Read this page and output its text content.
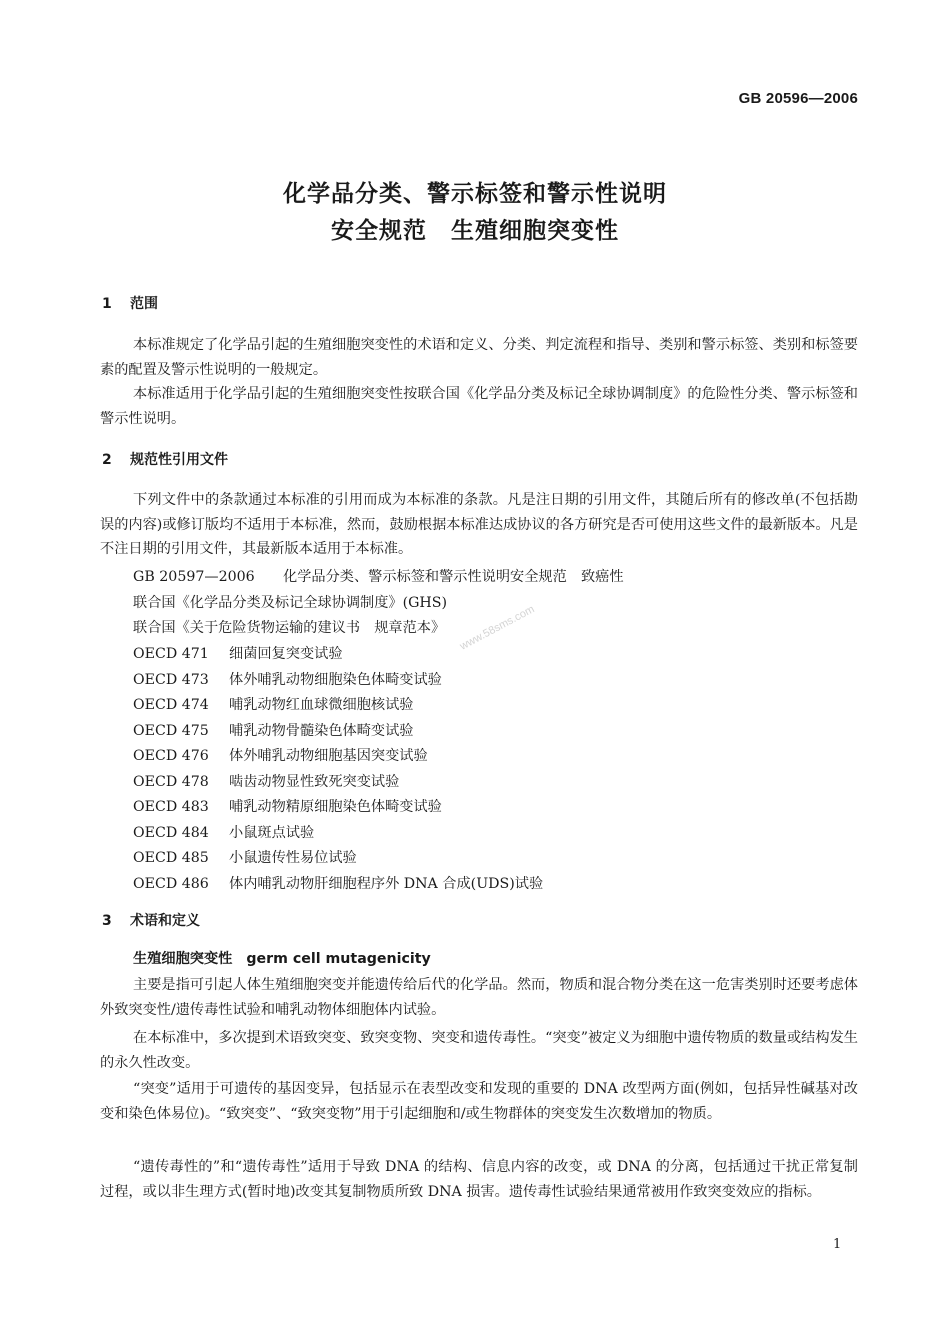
GB 20596—2006
化学品分类、警示标签和警示性说明
安全规范　生殖细胞突变性
www.58sms.com
1 范围
本标准规定了化学品引起的生殖细胞突变性的术语和定义、分类、判定流程和指导、类别和警示标签、类别和标签要素的配置及警示性说明的一般规定。
本标准适用于化学品引起的生殖细胞突变性按联合国《化学品分类及标记全球协调制度》的危险性分类、警示标签和警示性说明。
2 规范性引用文件
下列文件中的条款通过本标准的引用而成为本标准的条款。凡是注日期的引用文件，其随后所有的修改单(不包括勘误的内容)或修订版均不适用于本标准，然而，鼓励根据本标准达成协议的各方研究是否可使用这些文件的最新版本。凡是不注日期的引用文件，其最新版本适用于本标准。
GB 20597—2006 化学品分类、警示标签和警示性说明安全规范　致癌性
联合国《化学品分类及标记全球协调制度》(GHS)
联合国《关于危险货物运输的建议书　规章范本》
OECD 471 细菌回复突变试验
OECD 473 体外哺乳动物细胞染色体畸变试验
OECD 474 哺乳动物红血球微细胞核试验
OECD 475 哺乳动物骨髓染色体畸变试验
OECD 476 体外哺乳动物细胞基因突变试验
OECD 478 啮齿动物显性致死突变试验
OECD 483 哺乳动物精原细胞染色体畸变试验
OECD 484 小鼠斑点试验
OECD 485 小鼠遗传性易位试验
OECD 486 体内哺乳动物肝细胞程序外 DNA 合成(UDS)试验
3 术语和定义
生殖细胞突变性 germ cell mutagenicity
主要是指可引起人体生殖细胞突变并能遗传给后代的化学品。然而，物质和混合物分类在这一危害类别时还要考虑体外致突变性/遗传毒性试验和哺乳动物体细胞体内试验。
在本标准中，多次提到术语致突变、致突变物、突变和遗传毒性。“突变”被定义为细胞中遗传物质的数量或结构发生的永久性改变。
“突变”适用于可遗传的基因变异，包括显示在表型改变和发现的重要的 DNA 改型两方面(例如，包括异性碱基对改变和染色体易位)。“致突变”、“致突变物”用于引起细胞和/或生物群体的突变发生次数增加的物质。
“遗传毒性的”和“遗传毒性”适用于导致 DNA 的结构、信息内容的改变，或 DNA 的分离，包括通过干扰正常复制过程，或以非生理方式(暂时地)改变其复制物质所致 DNA 损害。遗传毒性试验结果通常被用作致突变效应的指标。
1
